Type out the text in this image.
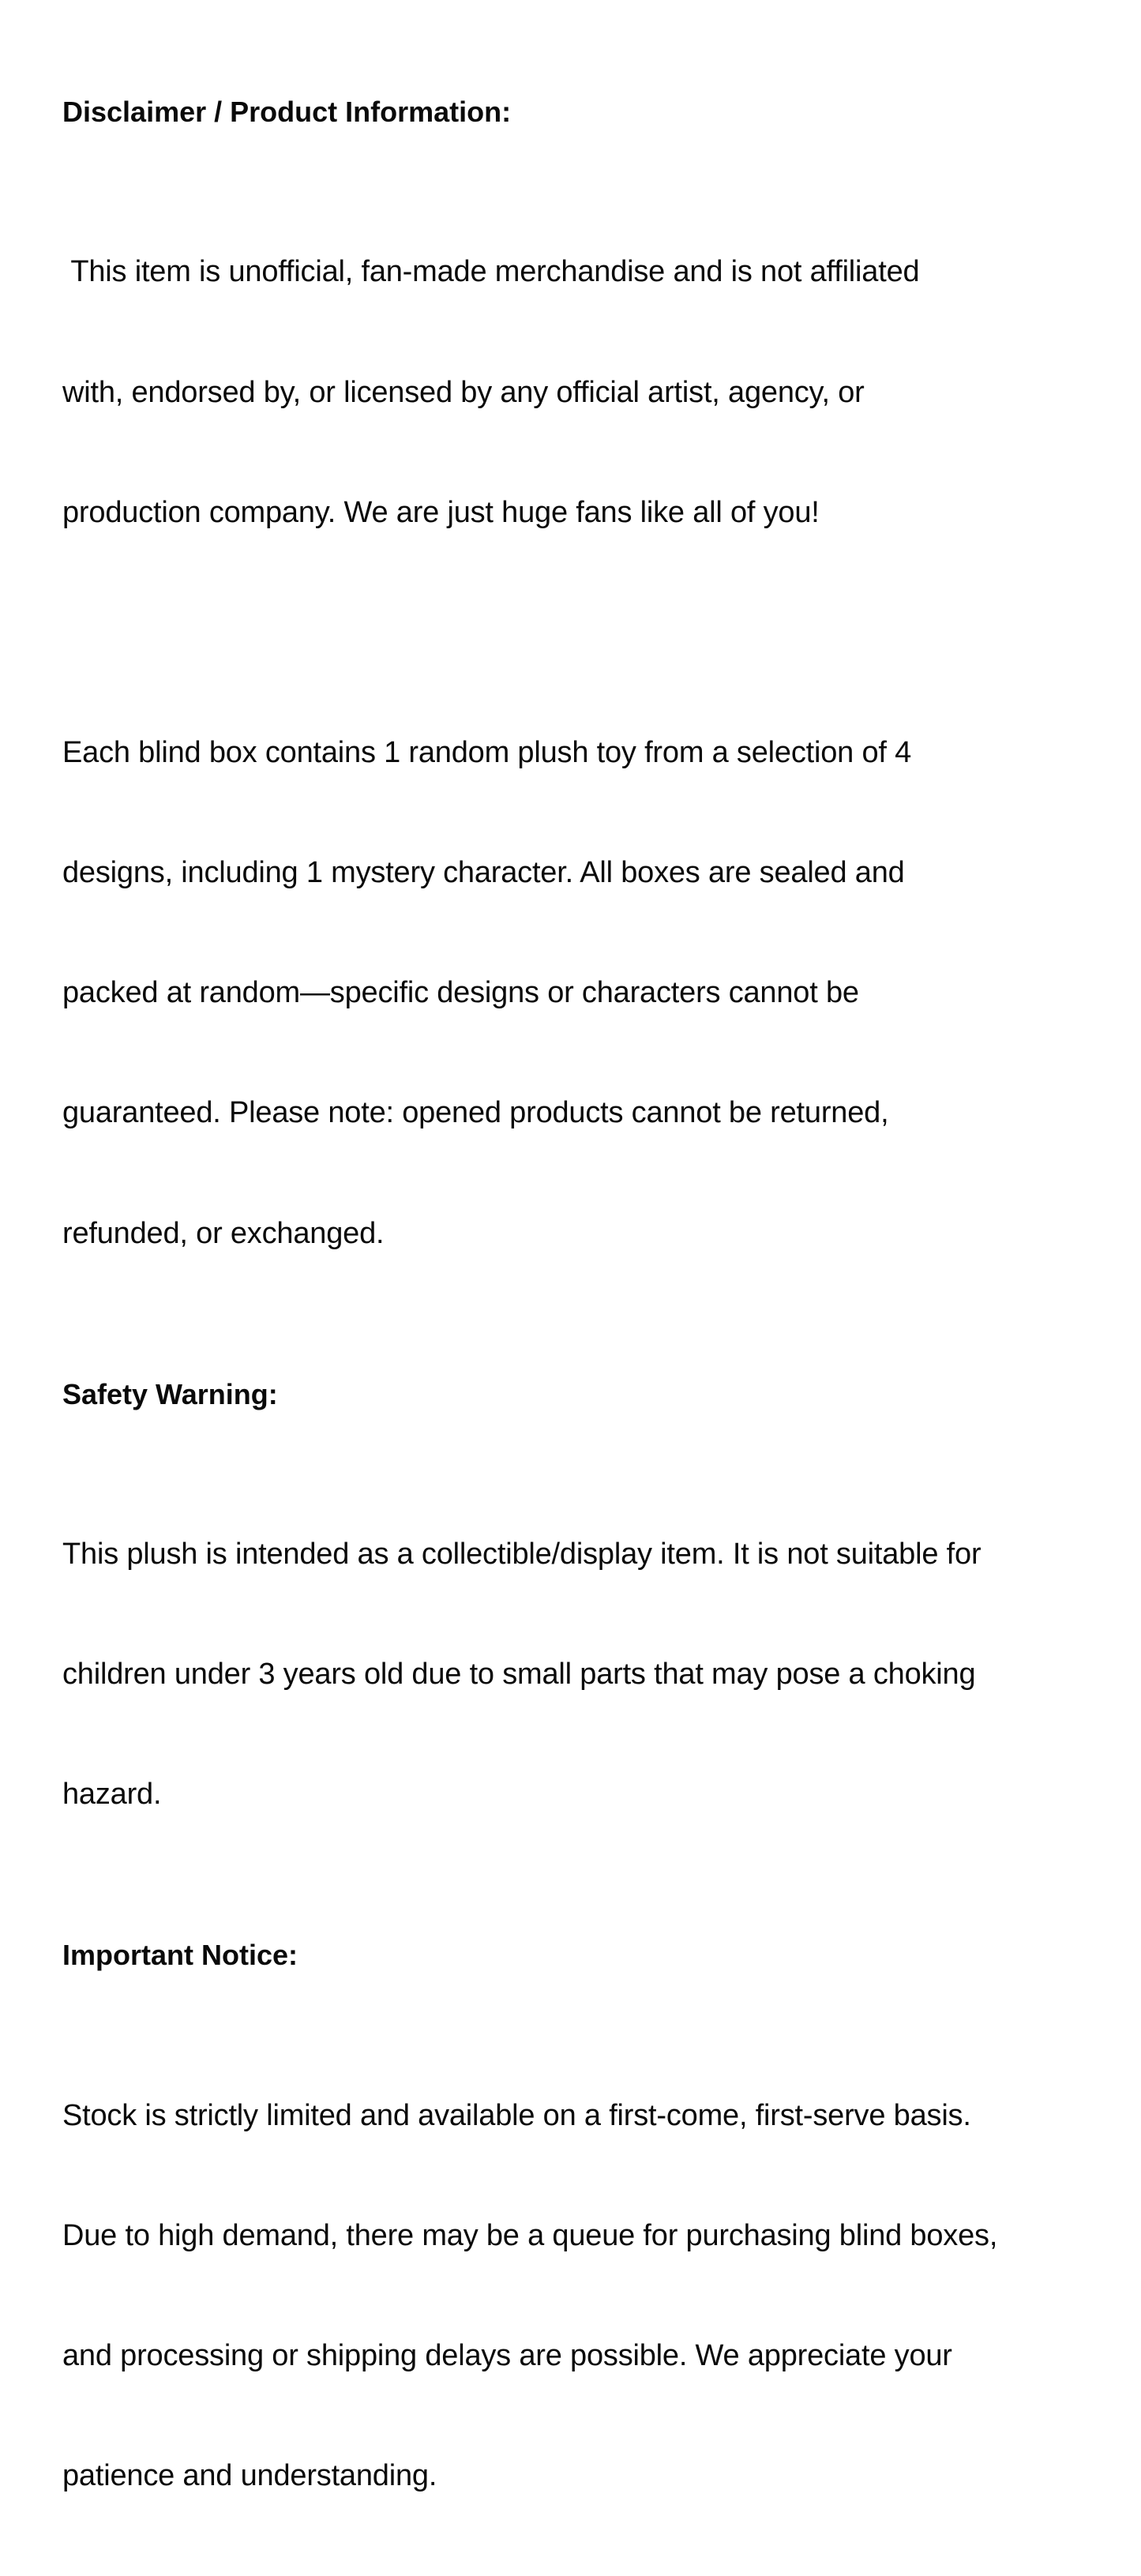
Disclaimer / Product Information:

This item is unofficial, fan-made merchandise and is not affiliated

with, endorsed by, or licensed by any official artist, agency, or

production company. We are just huge fans like all of you!

Each blind box contains 1 random plush toy from a selection of 4

designs, including 1 mystery character. All boxes are sealed and

packed at random—specific designs or characters cannot be

guaranteed. Please note: opened products cannot be returned,

refunded, or exchanged.

Safety Warning:

This plush is intended as a collectible/display item. It is not suitable for

children under 3 years old due to small parts that may pose a choking

hazard.

Important Notice:

Stock is strictly limited and available on a first-come, first-serve basis.

Due to high demand, there may be a queue for purchasing blind boxes,

and processing or shipping delays are possible. We appreciate your

patience and understanding.
